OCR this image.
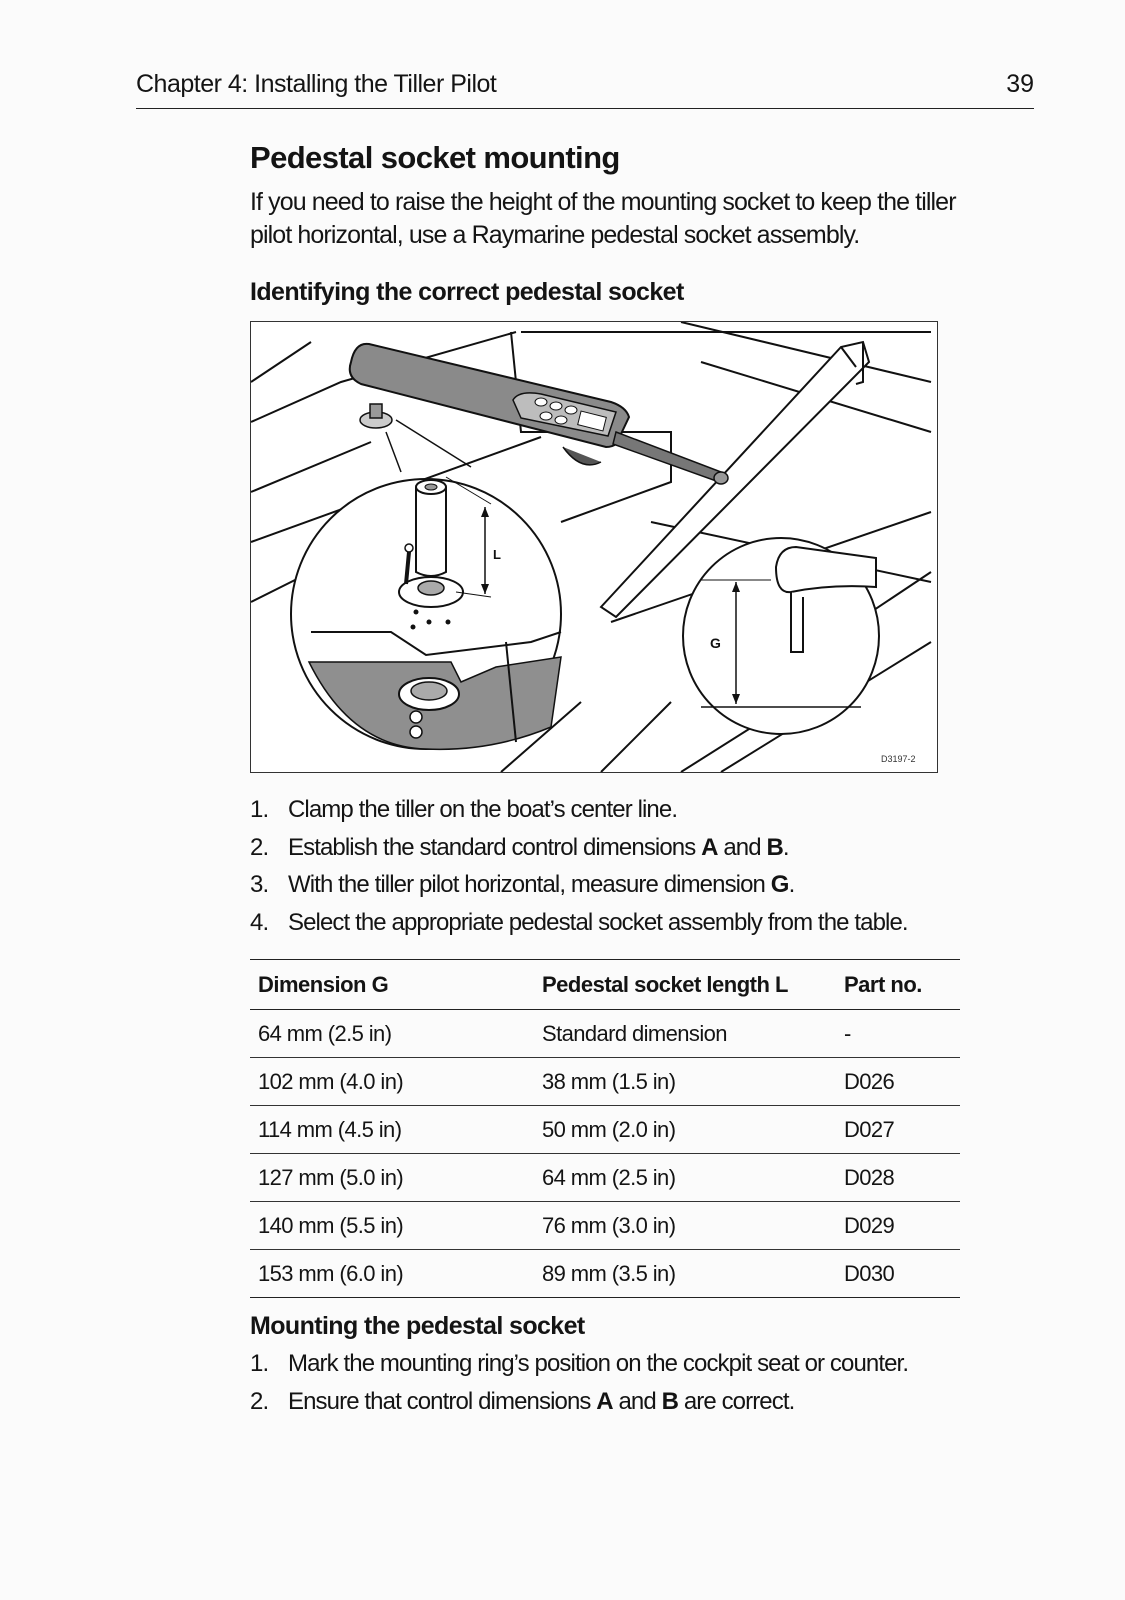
Chapter 4: Installing the Tiller Pilot	39
Pedestal socket mounting

If you need to raise the height of the mounting socket to keep the tiller pilot horizontal, use a Raymarine pedestal socket assembly.

Identifying the correct pedestal socket
L
G
D3197-2
1. Clamp the tiller on the boat’s center line.
2. Establish the standard control dimensions A and B.
3. With the tiller pilot horizontal, measure dimension G.
4. Select the appropriate pedestal socket assembly from the table.
Dimension G	Pedestal socket length L	Part no.
64 mm (2.5 in)	Standard dimension	-
102 mm (4.0 in)	38 mm (1.5 in)	D026
114 mm (4.5 in)	50 mm (2.0 in)	D027
127 mm (5.0 in)	64 mm (2.5 in)	D028
140 mm (5.5 in)	76 mm (3.0 in)	D029
153 mm (6.0 in)	89 mm (3.5 in)	D030
Mounting the pedestal socket
1. Mark the mounting ring’s position on the cockpit seat or counter.
2. Ensure that control dimensions A and B are correct.
